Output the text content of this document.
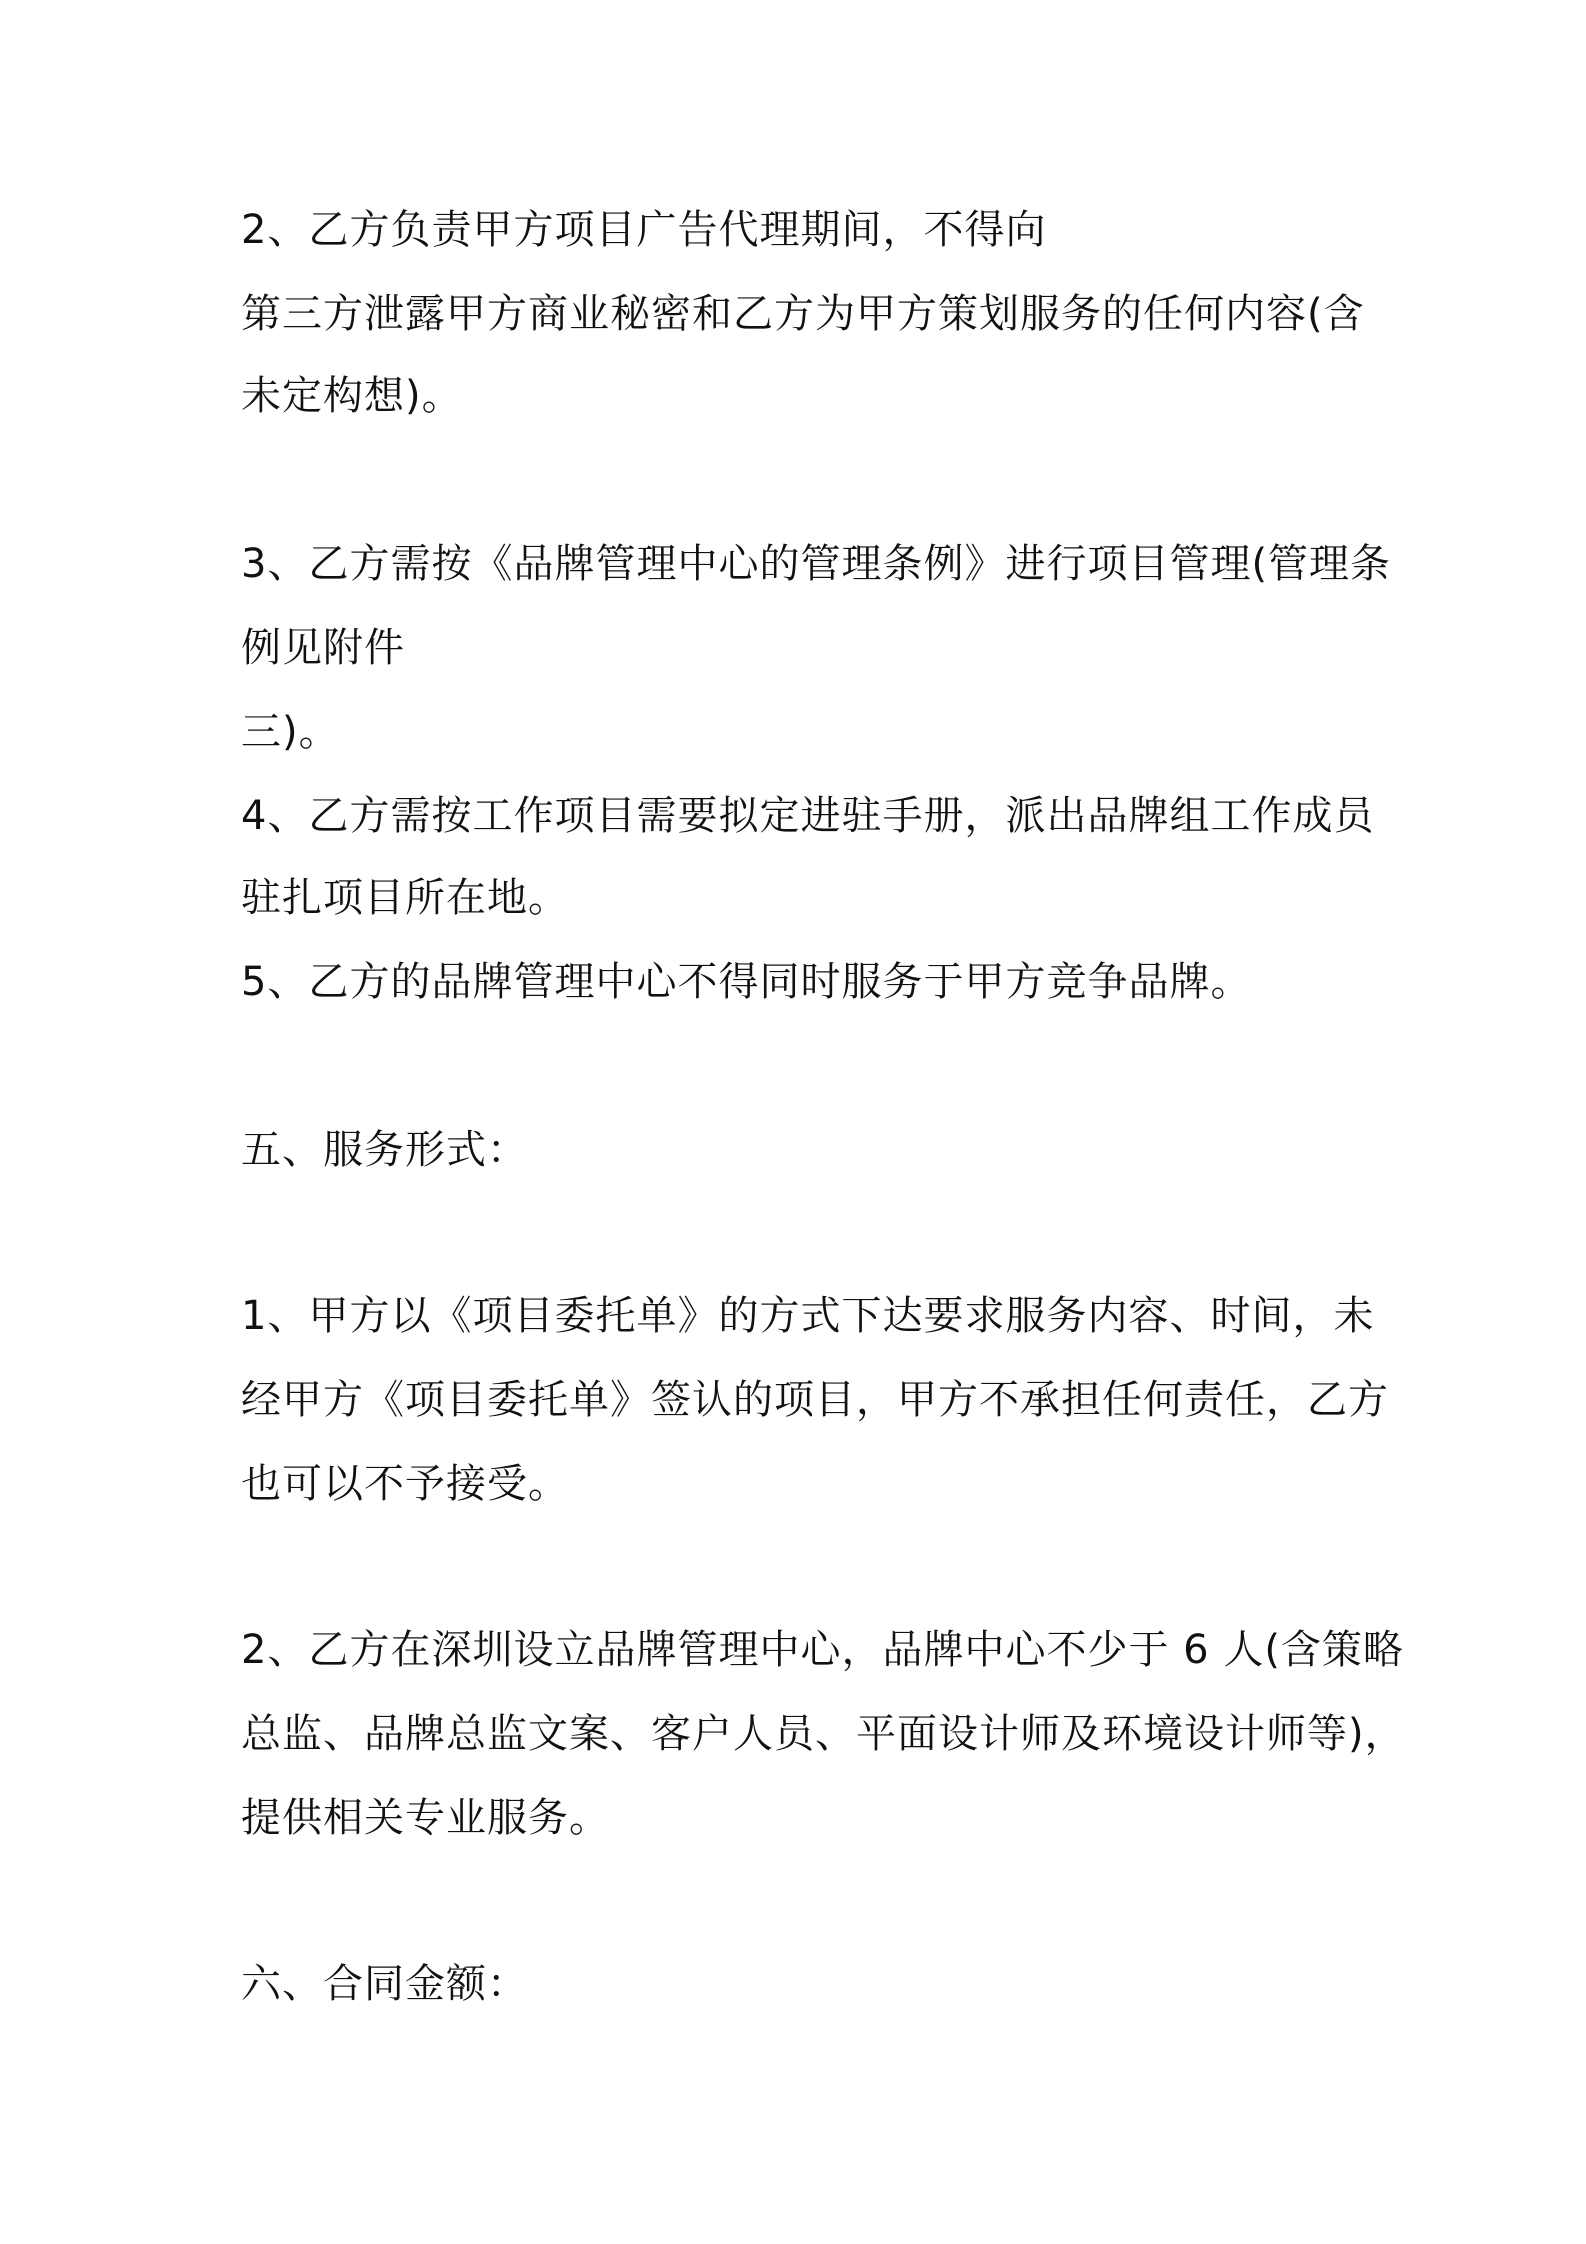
2、乙方负责甲方项目广告代理期间，不得向
第三方泄露甲方商业秘密和乙方为甲方策划服务的任何内容(含
未定构想)。
3、乙方需按《品牌管理中心的管理条例》进行项目管理(管理条
例见附件
三)。
4、乙方需按工作项目需要拟定进驻手册，派出品牌组工作成员
驻扎项目所在地。
5、乙方的品牌管理中心不得同时服务于甲方竞争品牌。
五、服务形式：
1、甲方以《项目委托单》的方式下达要求服务内容、时间，未
经甲方《项目委托单》签认的项目，甲方不承担任何责任，乙方
也可以不予接受。
2、乙方在深圳设立品牌管理中心，品牌中心不少于 6 人(含策略
总监、品牌总监文案、客户人员、平面设计师及环境设计师等)，
提供相关专业服务。
六、合同金额：
